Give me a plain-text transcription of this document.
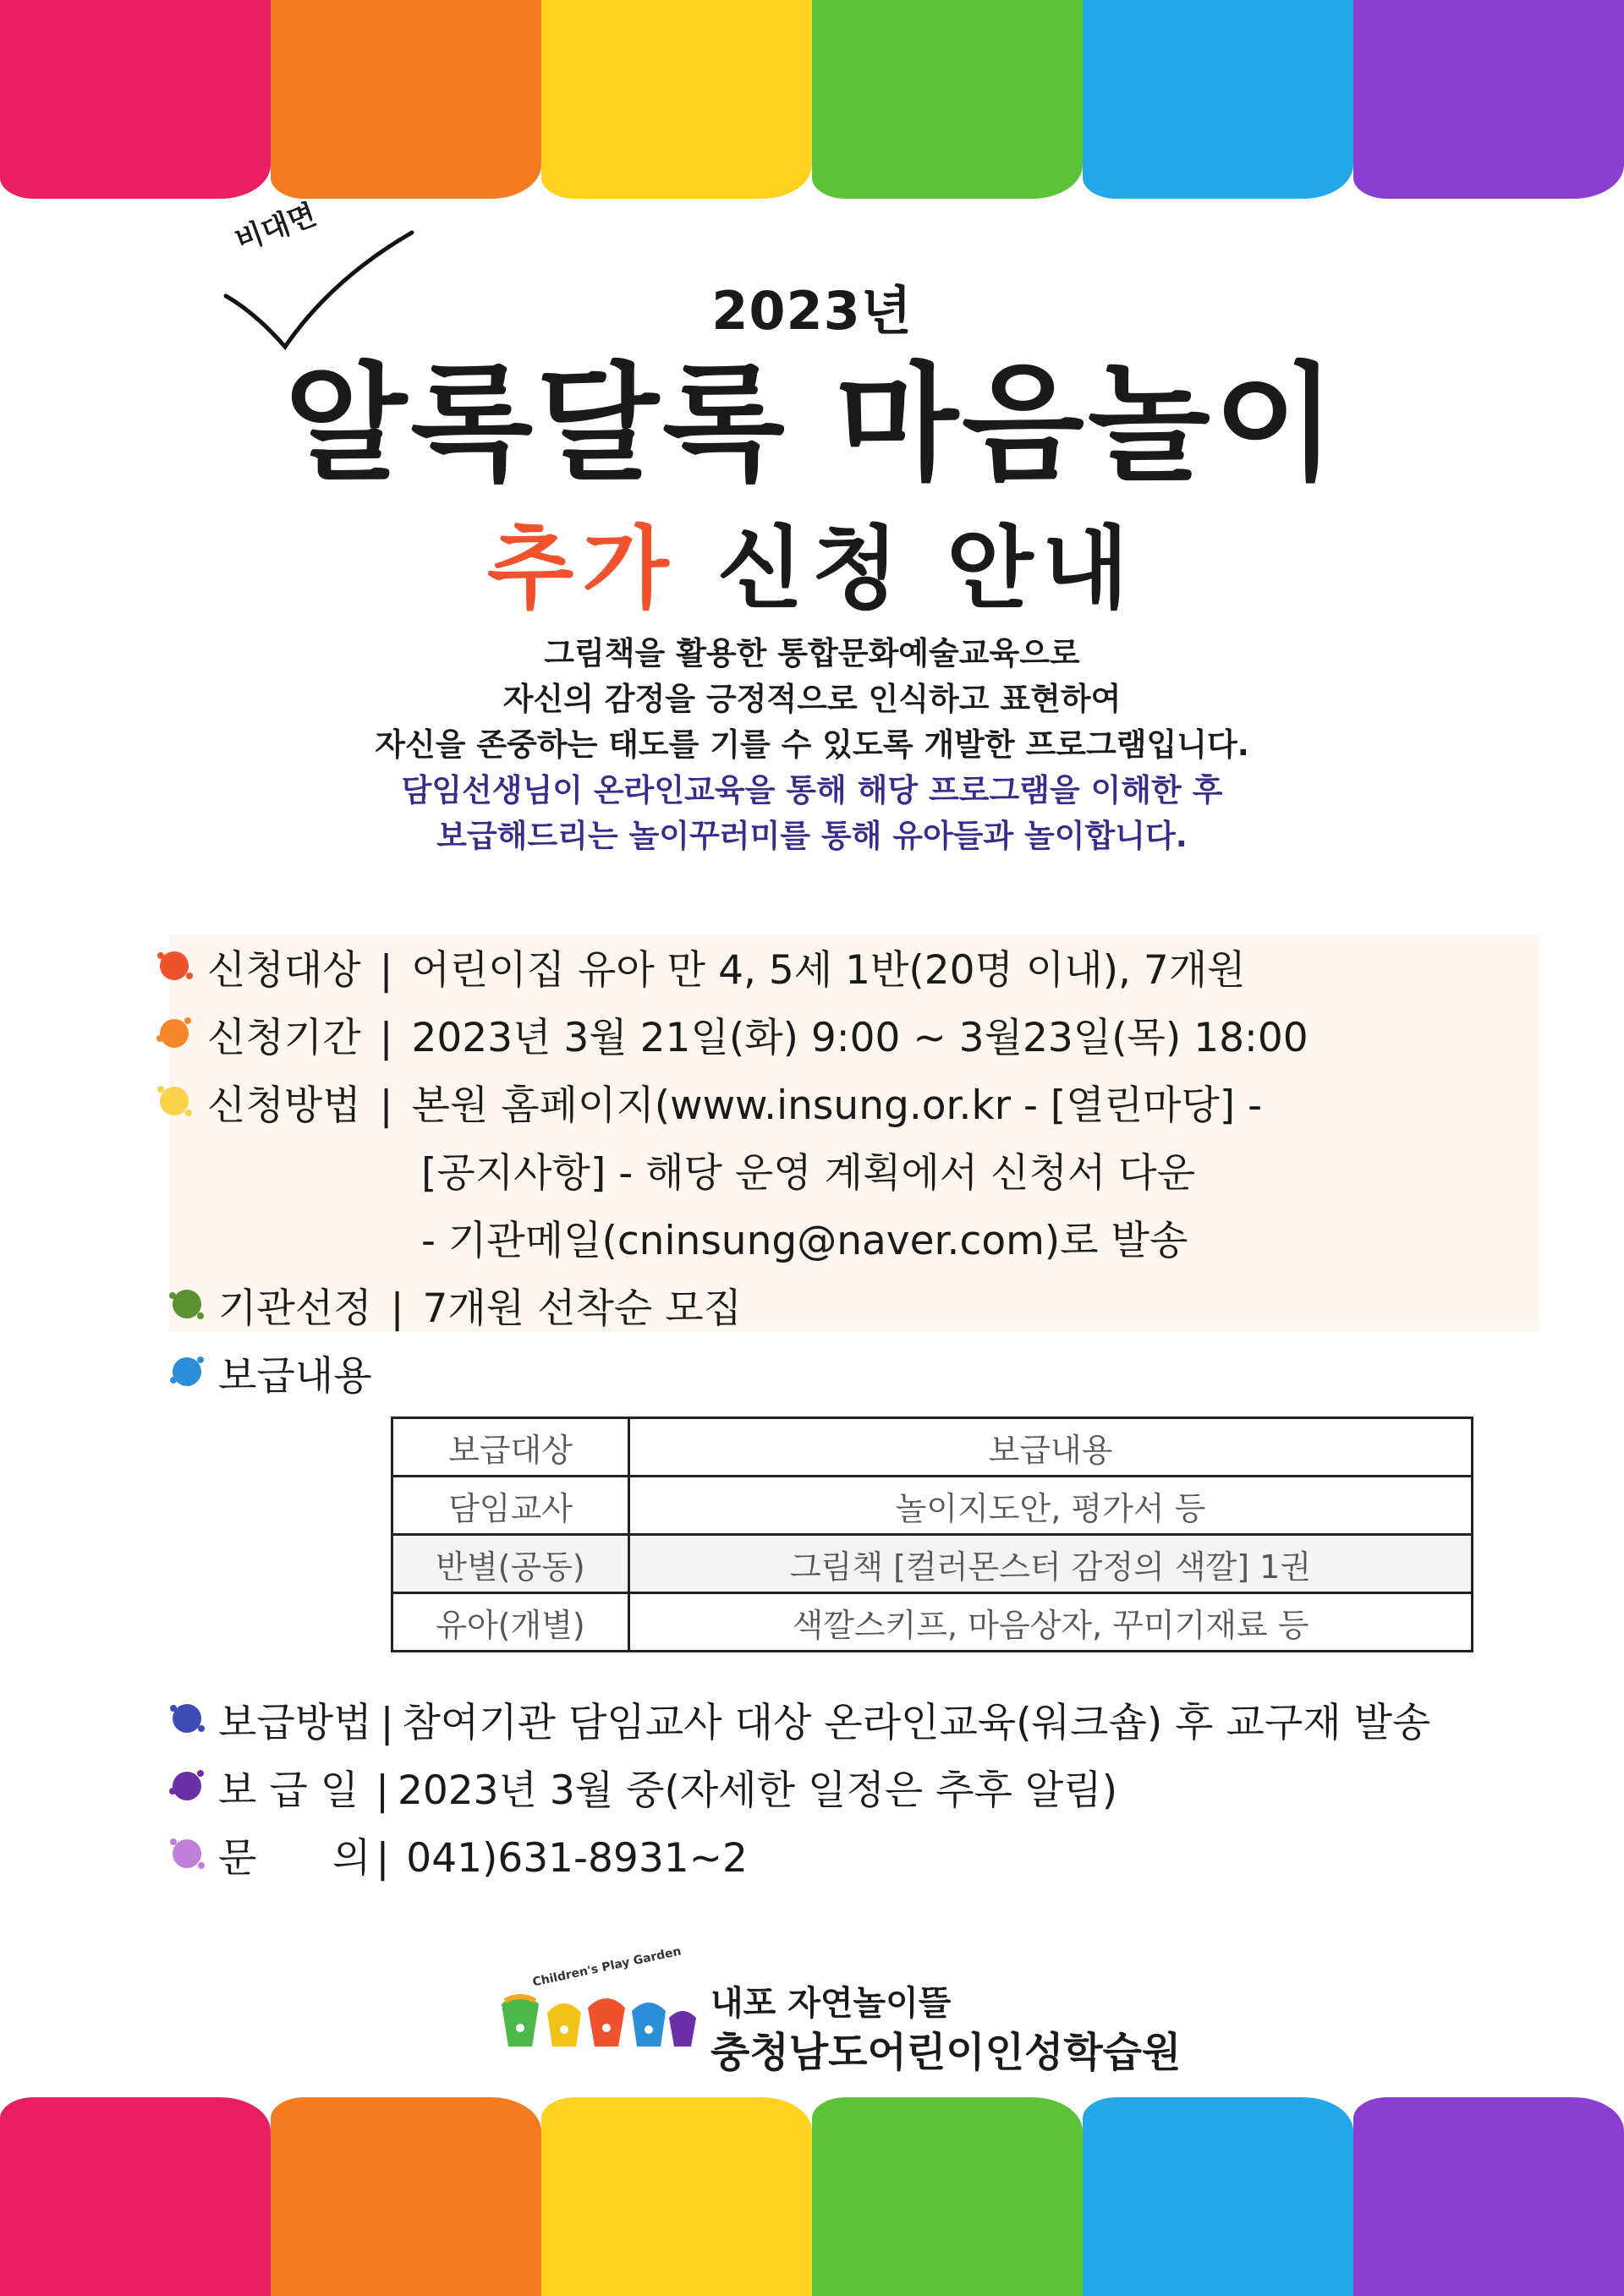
비대면
2023년
알록달록 마음놀이
추가 신청 안내
그림책을 활용한 통합문화예술교육으로
자신의 감정을 긍정적으로 인식하고 표현하여
자신을 존중하는 태도를 기를 수 있도록 개발한 프로그램입니다.
담임선생님이 온라인교육을 통해 해당 프로그램을 이해한 후
보급해드리는 놀이꾸러미를 통해 유아들과 놀이합니다.
신청대상 | 어린이집 유아 만 4, 5세 1반(20명 이내), 7개원
신청기간 | 2023년 3월 21일(화) 9:00 ~ 3월23일(목) 18:00
신청방법 | 본원 홈페이지(www.insung.or.kr - [열린마당] -
[공지사항] - 해당 운영 계획에서 신청서 다운
- 기관메일(cninsung@naver.com)로 발송
기관선정 | 7개원 선착순 모집
보급내용
보급대상	보급내용
담임교사	놀이지도안, 평가서 등
반별(공동)	그림책 [컬러몬스터 감정의 색깔] 1권
유아(개별)	색깔스키프, 마음상자, 꾸미기재료 등
보급방법 | 참여기관 담임교사 대상 온라인교육(워크숍) 후 교구재 발송
보 급 일 | 2023년 3월 중(자세한 일정은 추후 알림)
문      의 | 041)631-8931~2
Children's Play Garden
내포 자연놀이뜰
충청남도어린이인성학습원
